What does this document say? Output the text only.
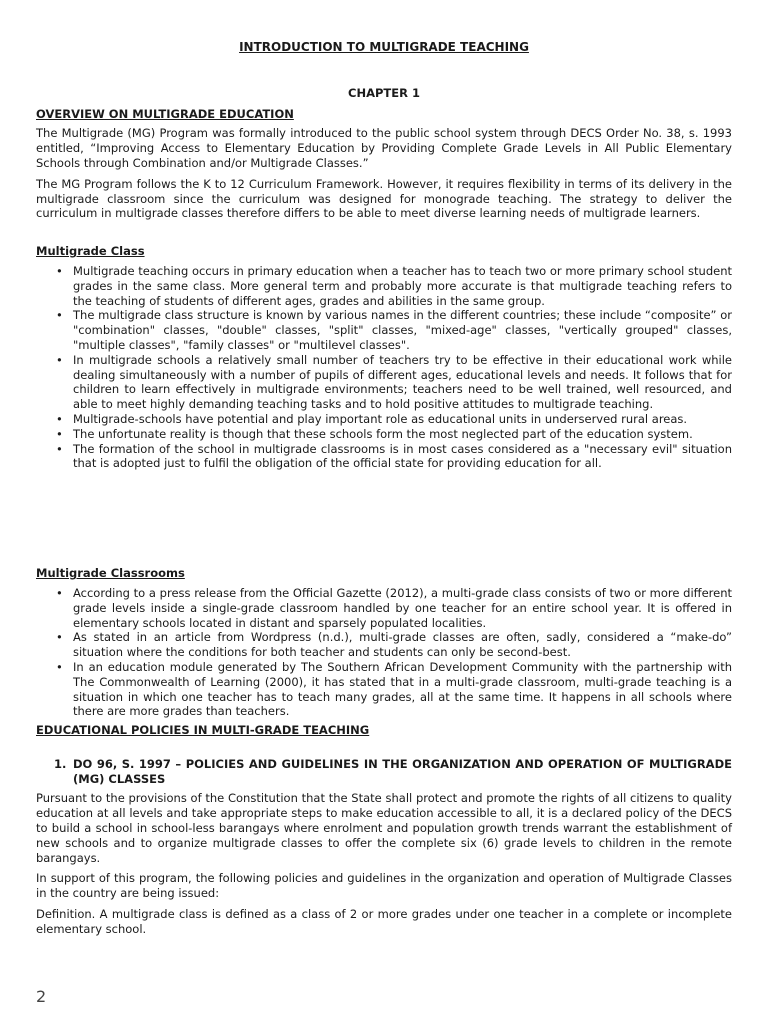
INTRODUCTION TO MULTIGRADE TEACHING
CHAPTER 1
OVERVIEW ON MULTIGRADE EDUCATION

The Multigrade (MG) Program was formally introduced to the public school system through DECS Order No. 38, s. 1993 entitled, “Improving Access to Elementary Education by Providing Complete Grade Levels in All Public Elementary Schools through Combination and/or Multigrade Classes.”

The MG Program follows the K to 12 Curriculum Framework. However, it requires flexibility in terms of its delivery in the multigrade classroom since the curriculum was designed for monograde teaching. The strategy to deliver the curriculum in multigrade classes therefore differs to be able to meet diverse learning needs of multigrade learners.

Multigrade Class
• Multigrade teaching occurs in primary education when a teacher has to teach two or more primary school student grades in the same class. More general term and probably more accurate is that multigrade teaching refers to the teaching of students of different ages, grades and abilities in the same group.
• The multigrade class structure is known by various names in the different countries; these include “composite” or "combination" classes, "double" classes, "split" classes, "mixed-age" classes, "vertically grouped" classes, "multiple classes", "family classes" or "multilevel classes".
• In multigrade schools a relatively small number of teachers try to be effective in their educational work while dealing simultaneously with a number of pupils of different ages, educational levels and needs. It follows that for children to learn effectively in multigrade environments; teachers need to be well trained, well resourced, and able to meet highly demanding teaching tasks and to hold positive attitudes to multigrade teaching.
• Multigrade-schools have potential and play important role as educational units in underserved rural areas.
• The unfortunate reality is though that these schools form the most neglected part of the education system.
• The formation of the school in multigrade classrooms is in most cases considered as a "necessary evil" situation that is adopted just to fulfil the obligation of the official state for providing education for all.
Multigrade Classrooms
• According to a press release from the Official Gazette (2012), a multi-grade class consists of two or more different grade levels inside a single-grade classroom handled by one teacher for an entire school year. It is offered in elementary schools located in distant and sparsely populated localities.
• As stated in an article from Wordpress (n.d.), multi-grade classes are often, sadly, considered a “make-do” situation where the conditions for both teacher and students can only be second-best.
• In an education module generated by The Southern African Development Community with the partnership with The Commonwealth of Learning (2000), it has stated that in a multi-grade classroom, multi-grade teaching is a situation in which one teacher has to teach many grades, all at the same time. It happens in all schools where there are more grades than teachers.
EDUCATIONAL POLICIES IN MULTI-GRADE TEACHING
1. DO 96, S. 1997 – POLICIES AND GUIDELINES IN THE ORGANIZATION AND OPERATION OF MULTIGRADE (MG) CLASSES

Pursuant to the provisions of the Constitution that the State shall protect and promote the rights of all citizens to quality education at all levels and take appropriate steps to make education accessible to all, it is a declared policy of the DECS to build a school in school-less barangays where enrolment and population growth trends warrant the establishment of new schools and to organize multigrade classes to offer the complete six (6) grade levels to children in the remote barangays.

In support of this program, the following policies and guidelines in the organization and operation of Multigrade Classes in the country are being issued:

Definition. A multigrade class is defined as a class of 2 or more grades under one teacher in a complete or incomplete elementary school.

2
